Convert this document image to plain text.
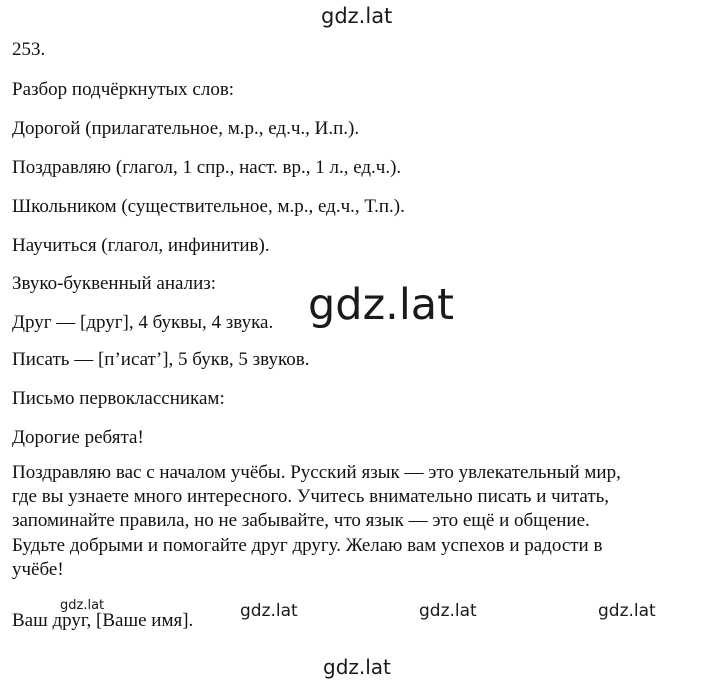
gdz.lat
253.
Разбор подчёркнутых слов:
Дорогой (прилагательное, м.р., ед.ч., И.п.).
Поздравляю (глагол, 1 спр., наст. вр., 1 л., ед.ч.).
Школьником (существительное, м.р., ед.ч., Т.п.).
Научиться (глагол, инфинитив).
Звуко-буквенный анализ:
Друг — [друг], 4 буквы, 4 звука.
Писать — [п’исат’], 5 букв, 5 звуков.
Письмо первоклассникам:
Дорогие ребята!
Поздравляю вас с началом учёбы. Русский язык — это увлекательный мир,
где вы узнаете много интересного. Учитесь внимательно писать и читать,
запоминайте правила, но не забывайте, что язык — это ещё и общение.
Будьте добрыми и помогайте друг другу. Желаю вам успехов и радости в
учёбе!
Ваш друг, [Ваше имя].
gdz.lat
gdz.lat	gdz.lat	gdz.lat	gdz.lat
gdz.lat
